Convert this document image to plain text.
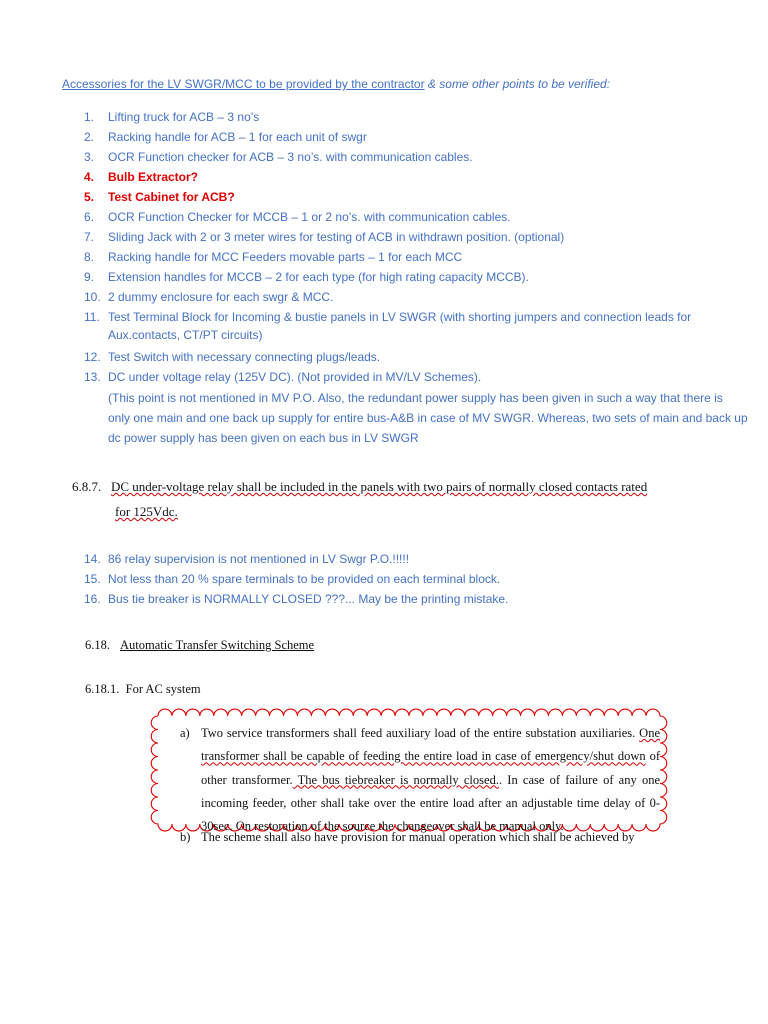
Accessories for the LV SWGR/MCC to be provided by the contractor & some other points to be verified:
1.	Lifting truck for ACB – 3 no’s
2.	Racking handle for ACB – 1 for each unit of swgr
3.	OCR Function checker for ACB – 3 no’s. with communication cables.
4.	Bulb Extractor?
5.	Test Cabinet for ACB?
6.	OCR Function Checker for MCCB – 1 or 2 no’s. with communication cables.
7.	Sliding Jack with 2 or 3 meter wires for testing of ACB in withdrawn position. (optional)
8.	Racking handle for MCC Feeders movable parts – 1 for each MCC
9.	Extension handles for MCCB – 2 for each type (for high rating capacity MCCB).
10. 2 dummy enclosure for each swgr & MCC.
11. Test Terminal Block for Incoming & bustie panels in LV SWGR (with shorting jumpers and connection leads for Aux.contacts, CT/PT circuits)
12. Test Switch with necessary connecting plugs/leads.
13. DC under voltage relay (125V DC). (Not provided in MV/LV Schemes).
(This point is not mentioned in MV P.O. Also, the redundant power supply has been given in such a way that there is only one main and one back up supply for entire bus-A&B in case of MV SWGR. Whereas, two sets of main and back up dc power supply has been given on each bus in LV SWGR
6.8.7. DC under-voltage relay shall be included in the panels with two pairs of normally closed contacts rated
for 125Vdc.
14. 86 relay supervision is not mentioned in LV Swgr P.O.!!!!!
15. Not less than 20 % spare terminals to be provided on each terminal block.
16. Bus tie breaker is NORMALLY CLOSED ???... May be the printing mistake.
6.18. Automatic Transfer Switching Scheme
6.18.1. For AC system
a) Two service transformers shall feed auxiliary load of the entire substation auxiliaries. One transformer shall be capable of feeding the entire load in case of emergency/shut down of other transformer. The bus tiebreaker is normally closed.. In case of failure of any one incoming feeder, other shall take over the entire load after an adjustable time delay of 0-30sec. On restoration of the source the changeover shall be manual only.
b) The scheme shall also have provision for manual operation which shall be achieved by
